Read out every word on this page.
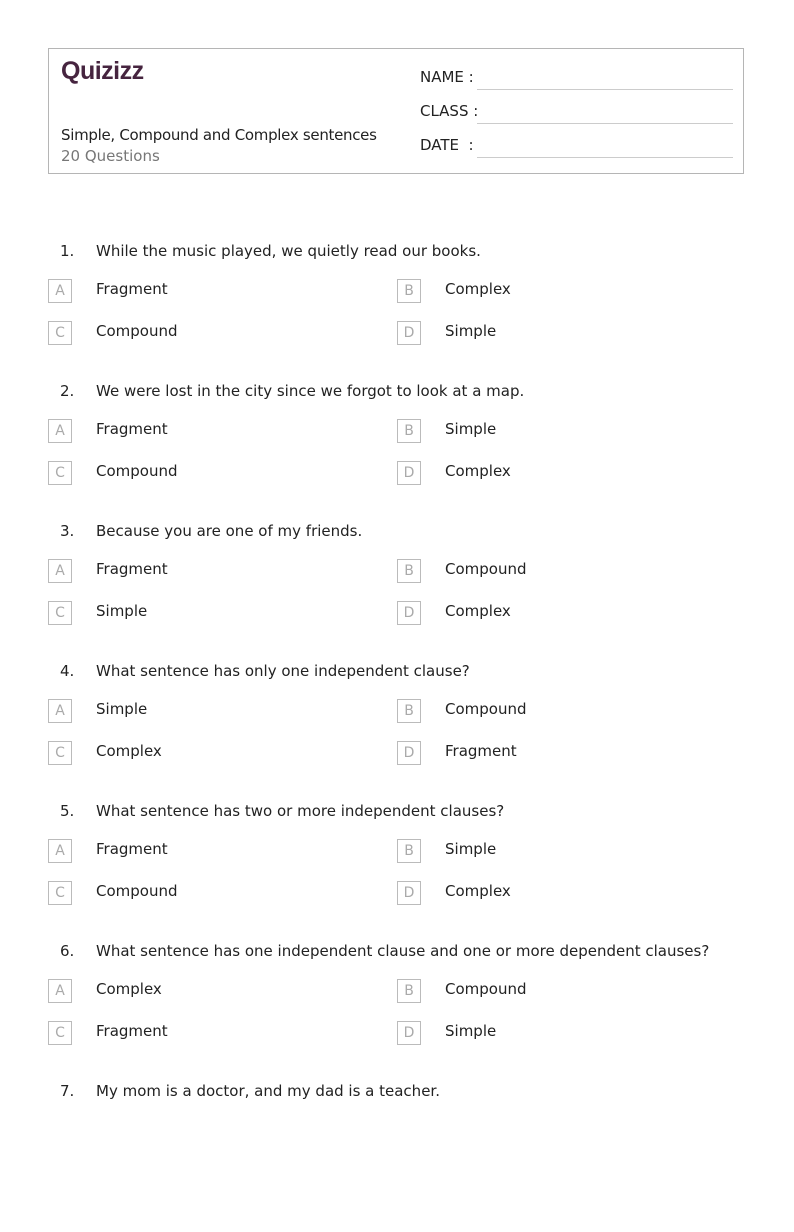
Quizizz
Simple, Compound and Complex sentences
20 Questions
NAME :
CLASS :
DATE  :
1. While the music played, we quietly read our books.
A	Fragment	B	Complex
C	Compound	D	Simple
2. We were lost in the city since we forgot to look at a map.
A	Fragment	B	Simple
C	Compound	D	Complex
3. Because you are one of my friends.
A	Fragment	B	Compound
C	Simple	D	Complex
4. What sentence has only one independent clause?
A	Simple	B	Compound
C	Complex	D	Fragment
5. What sentence has two or more independent clauses?
A	Fragment	B	Simple
C	Compound	D	Complex
6. What sentence has one independent clause and one or more dependent clauses?
A	Complex	B	Compound
C	Fragment	D	Simple
7. My mom is a doctor, and my dad is a teacher.
